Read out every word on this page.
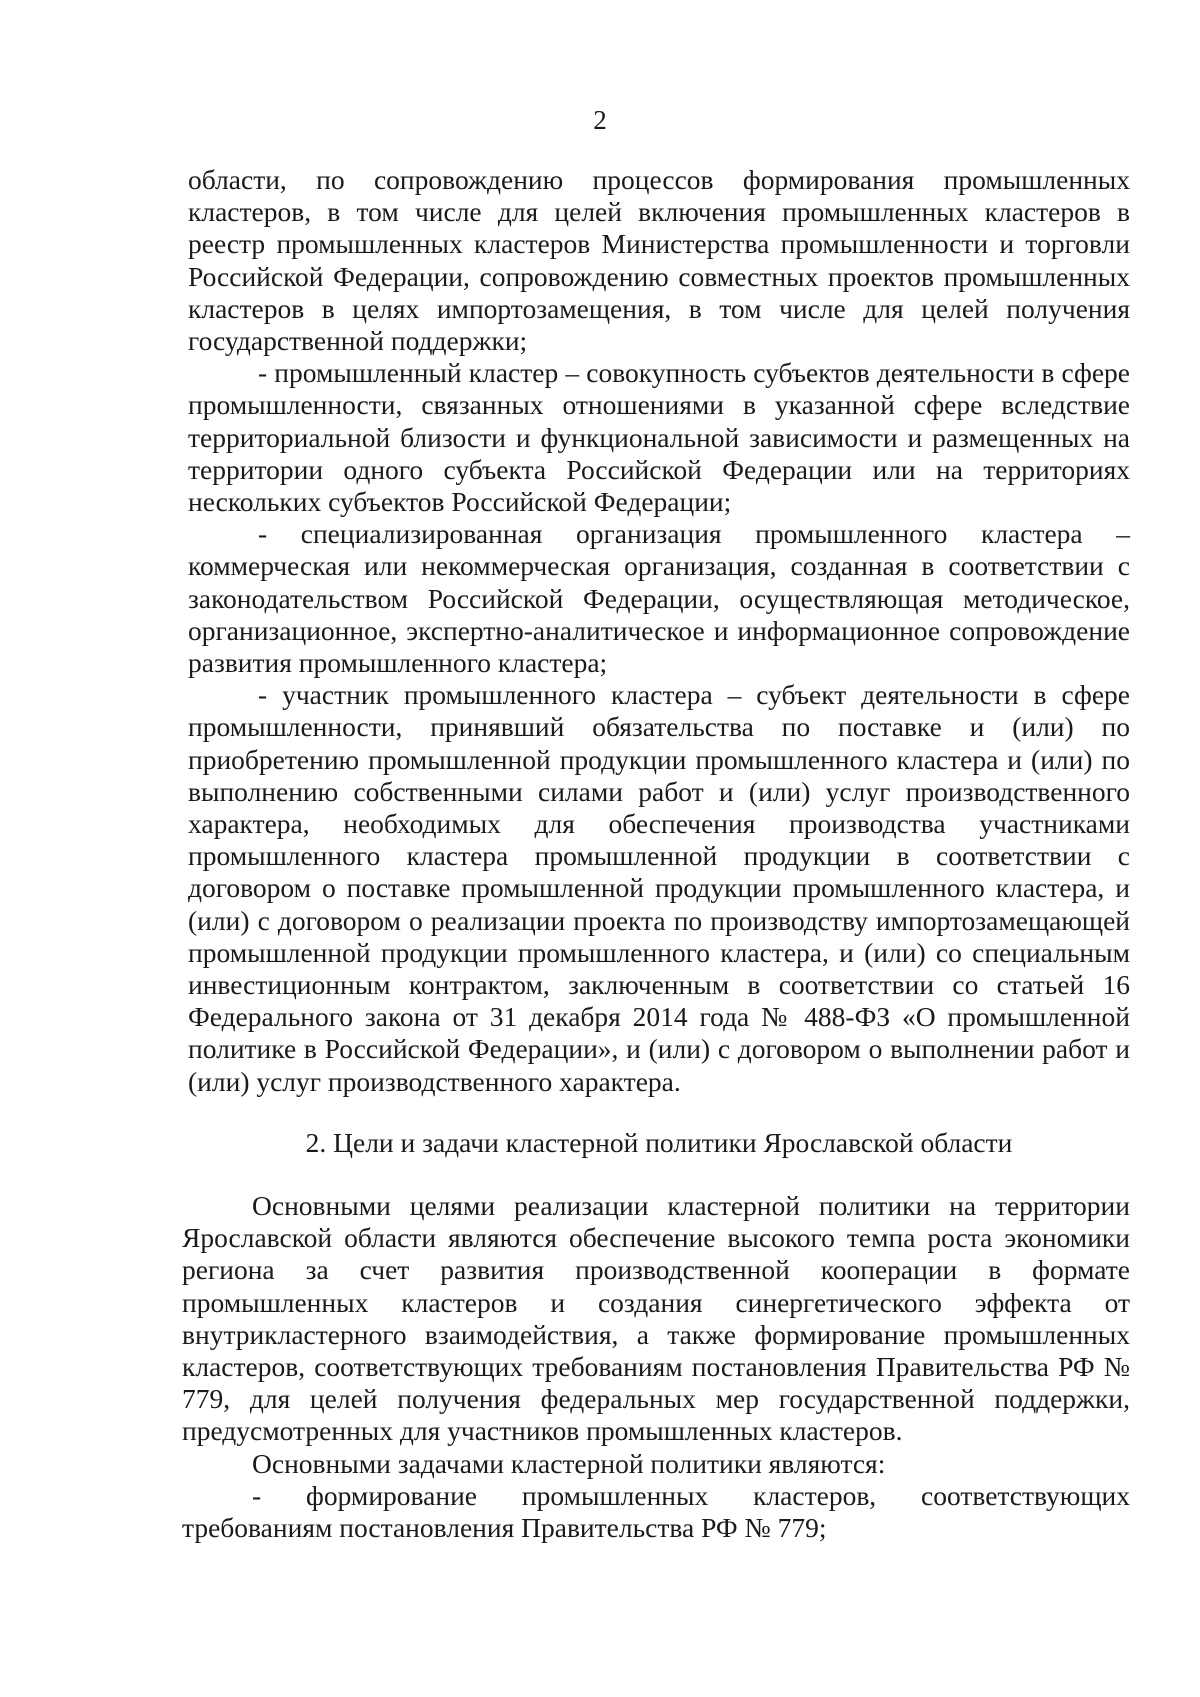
2

области, по сопровождению процессов формирования промышленных кластеров, в том числе для целей включения промышленных кластеров в реестр промышленных кластеров Министерства промышленности и торговли Российской Федерации, сопровождению совместных проектов промышленных кластеров в целях импортозамещения, в том числе для целей получения государственной поддержки;

- промышленный кластер – совокупность субъектов деятельности в сфере промышленности, связанных отношениями в указанной сфере вследствие территориальной близости и функциональной зависимости и размещенных на территории одного субъекта Российской Федерации или на территориях нескольких субъектов Российской Федерации;

- специализированная организация промышленного кластера – коммерческая или некоммерческая организация, созданная в соответствии с законодательством Российской Федерации, осуществляющая методическое, организационное, экспертно-аналитическое и информационное сопровождение развития промышленного кластера;

- участник промышленного кластера – субъект деятельности в сфере промышленности, принявший обязательства по поставке и (или) по приобретению промышленной продукции промышленного кластера и (или) по выполнению собственными силами работ и (или) услуг производственного характера, необходимых для обеспечения производства участниками промышленного кластера промышленной продукции в соответствии с договором о поставке промышленной продукции промышленного кластера, и (или) с договором о реализации проекта по производству импортозамещающей промышленной продукции промышленного кластера, и (или) со специальным инвестиционным контрактом, заключенным в соответствии со статьей 16 Федерального закона от 31 декабря 2014 года № 488-ФЗ «О промышленной политике в Российской Федерации», и (или) с договором о выполнении работ и (или) услуг производственного характера.

2. Цели и задачи кластерной политики Ярославской области

Основными целями реализации кластерной политики на территории Ярославской области являются обеспечение высокого темпа роста экономики региона за счет развития производственной кооперации в формате промышленных кластеров и создания синергетического эффекта от внутрикластерного взаимодействия, а также формирование промышленных кластеров, соответствующих требованиям постановления Правительства РФ № 779, для целей получения федеральных мер государственной поддержки, предусмотренных для участников промышленных кластеров.

Основными задачами кластерной политики являются:

- формирование промышленных кластеров, соответствующих требованиям постановления Правительства РФ № 779;
